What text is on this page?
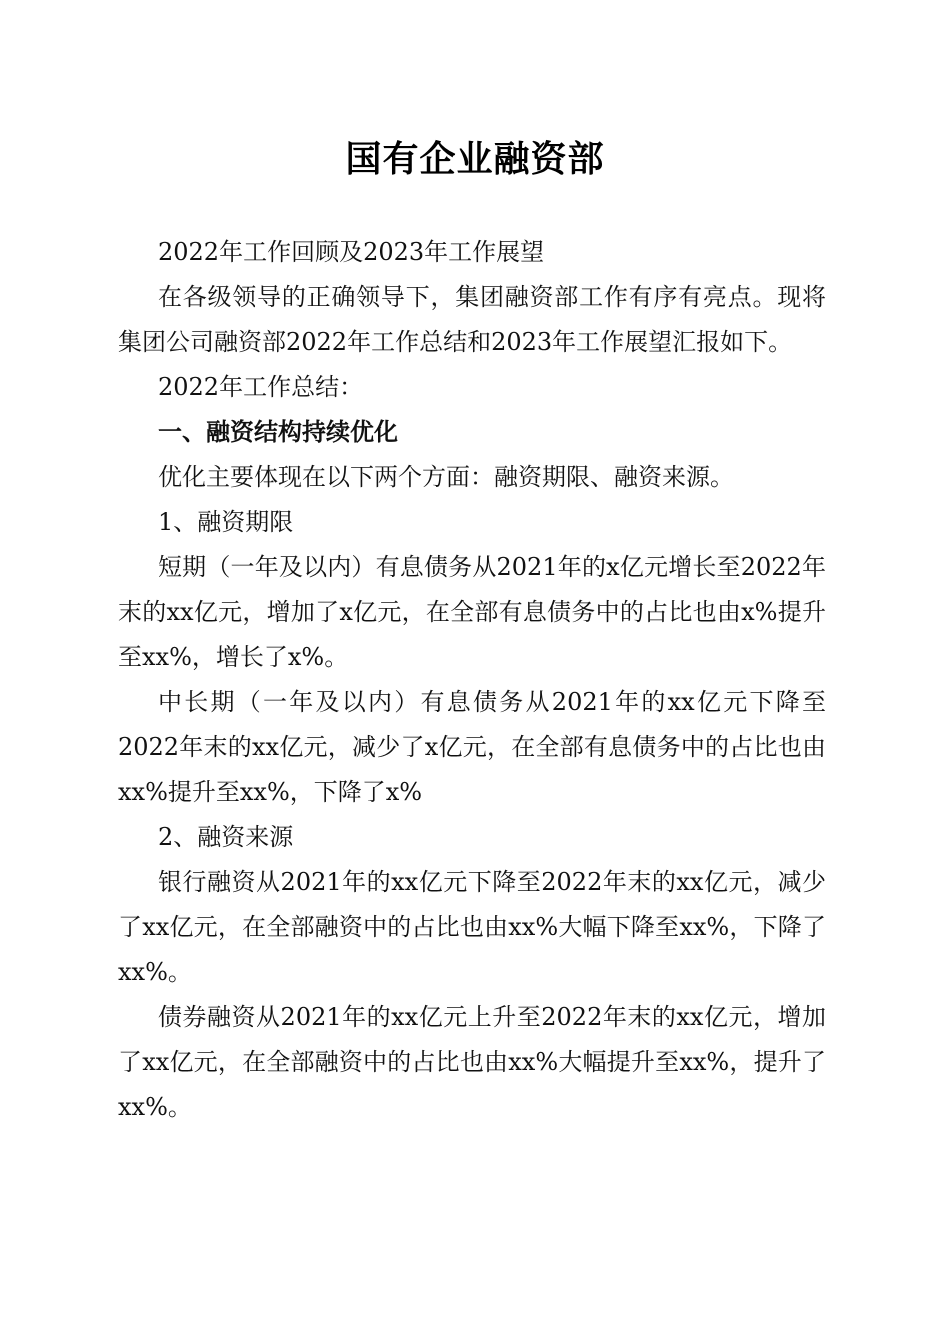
国有企业融资部

2022年工作回顾及2023年工作展望

在各级领导的正确领导下，集团融资部工作有序有亮点。现将集团公司融资部2022年工作总结和2023年工作展望汇报如下。

2022年工作总结：

一、融资结构持续优化

优化主要体现在以下两个方面：融资期限、融资来源。

1、融资期限

短期（一年及以内）有息债务从2021年的x亿元增长至2022年末的xx亿元，增加了x亿元，在全部有息债务中的占比也由x%提升至xx%，增长了x%。

中长期（一年及以内）有息债务从2021年的xx亿元下降至2022年末的xx亿元，减少了x亿元，在全部有息债务中的占比也由xx%提升至xx%，下降了x%

2、融资来源

银行融资从2021年的xx亿元下降至2022年末的xx亿元，减少了xx亿元，在全部融资中的占比也由xx%大幅下降至xx%，下降了xx%。

债券融资从2021年的xx亿元上升至2022年末的xx亿元，增加了xx亿元，在全部融资中的占比也由xx%大幅提升至xx%，提升了xx%。
